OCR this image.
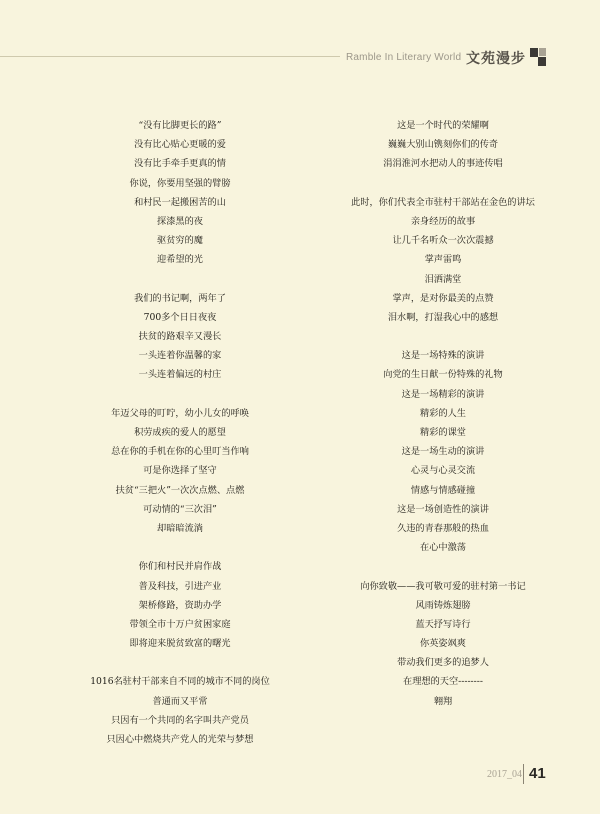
Ramble In Literary World 文苑漫步
“没有比脚更长的路”
没有比心贴心更暖的爱
没有比手牵手更真的情
你说，你要用坚强的臂膀
和村民一起搬困苦的山
探漆黑的夜
驱贫穷的魔
迎希望的光
我们的书记啊，两年了
700多个日日夜夜
扶贫的路艰辛又漫长
一头连着你温馨的家
一头连着偏远的村庄
年迈父母的叮咛，幼小儿女的呼唤
积劳成疾的爱人的愿望
总在你的手机在你的心里叮当作响
可是你选择了坚守
扶贫“三把火”一次次点燃、点燃
可动情的“三次泪”
却暗暗流淌
你们和村民并肩作战
普及科技，引进产业
架桥修路，资助办学
带领全市十万户贫困家庭
即将迎来脱贫致富的曙光
1016名驻村干部来自不同的城市不同的岗位
普通而又平常
只因有一个共同的名字叫共产党员
只因心中燃烧共产党人的光荣与梦想
这是一个时代的荣耀啊
巍巍大别山镌刻你们的传奇
涓涓淮河水把动人的事迹传唱
此时，你们代表全市驻村干部站在金色的讲坛
亲身经历的故事
让几千名听众一次次震撼
掌声雷鸣
泪洒满堂
掌声，是对你最美的点赞
泪水啊，打湿我心中的感想
这是一场特殊的演讲
向党的生日献一份特殊的礼物
这是一场精彩的演讲
精彩的人生
精彩的课堂
这是一场生动的演讲
心灵与心灵交流
情感与情感碰撞
这是一场创造性的演讲
久违的青春那般的热血
在心中激荡
向你致敬——我可敬可爱的驻村第一书记
风雨铸炼翅膀
蓝天抒写诗行
你英姿飒爽
带动我们更多的追梦人
在理想的天空--------
翱翔
2017_04 41
